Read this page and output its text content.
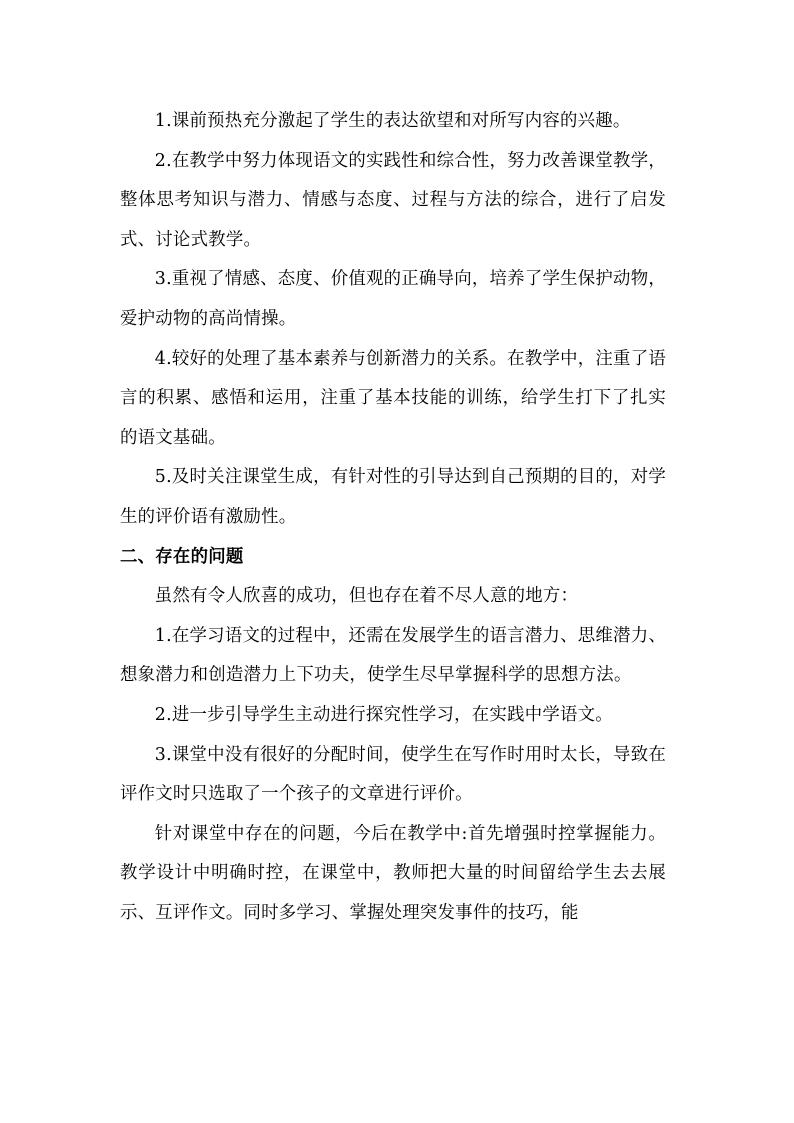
1.课前预热充分激起了学生的表达欲望和对所写内容的兴趣。

2.在教学中努力体现语文的实践性和综合性，努力改善课堂教学，整体思考知识与潜力、情感与态度、过程与方法的综合，进行了启发式、讨论式教学。

3.重视了情感、态度、价值观的正确导向，培养了学生保护动物，爱护动物的高尚情操。

4.较好的处理了基本素养与创新潜力的关系。在教学中，注重了语言的积累、感悟和运用，注重了基本技能的训练，给学生打下了扎实的语文基础。

5.及时关注课堂生成，有针对性的引导达到自己预期的目的，对学生的评价语有激励性。

二、存在的问题

虽然有令人欣喜的成功，但也存在着不尽人意的地方：

1.在学习语文的过程中，还需在发展学生的语言潜力、思维潜力、想象潜力和创造潜力上下功夫，使学生尽早掌握科学的思想方法。

2.进一步引导学生主动进行探究性学习，在实践中学语文。

3.课堂中没有很好的分配时间，使学生在写作时用时太长，导致在评作文时只选取了一个孩子的文章进行评价。

针对课堂中存在的问题，今后在教学中:首先增强时控掌握能力。教学设计中明确时控，在课堂中，教师把大量的时间留给学生去去展示、互评作文。同时多学习、掌握处理突发事件的技巧，能
